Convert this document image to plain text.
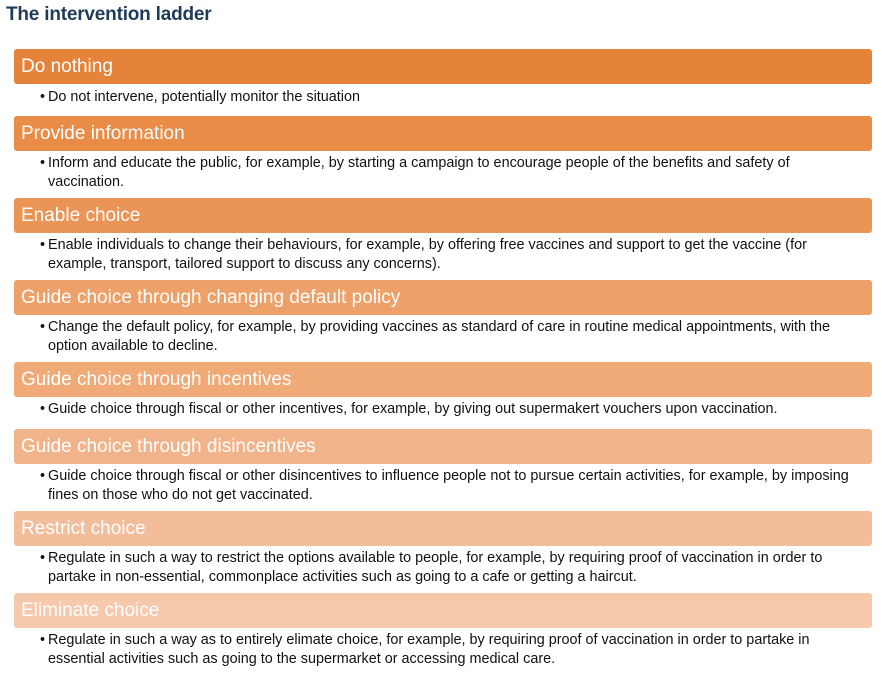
The intervention ladder
Do nothing
• Do not intervene, potentially monitor the situation
Provide information
• Inform and educate the public, for example, by starting a campaign to encourage people of the benefits and safety of vaccination.
Enable choice
• Enable individuals to change their behaviours, for example, by offering free vaccines and support to get the vaccine (for example, transport, tailored support to discuss any concerns).
Guide choice through changing default policy
• Change the default policy, for example, by providing vaccines as standard of care in routine medical appointments, with the option available to decline.
Guide choice through incentives
• Guide choice through fiscal or other incentives, for example, by giving out supermakert vouchers upon vaccination.
Guide choice through disincentives
• Guide choice through fiscal or other disincentives to influence people not to pursue certain activities, for example, by imposing fines on those who do not get vaccinated.
Restrict choice
• Regulate in such a way to restrict the options available to people, for example, by requiring proof of vaccination in order to partake in non-essential, commonplace activities such as going to a cafe or getting a haircut.
Eliminate choice
• Regulate in such a way as to entirely elimate choice, for example, by requiring proof of vaccination in order to partake in essential activities such as going to the supermarket or accessing medical care.
